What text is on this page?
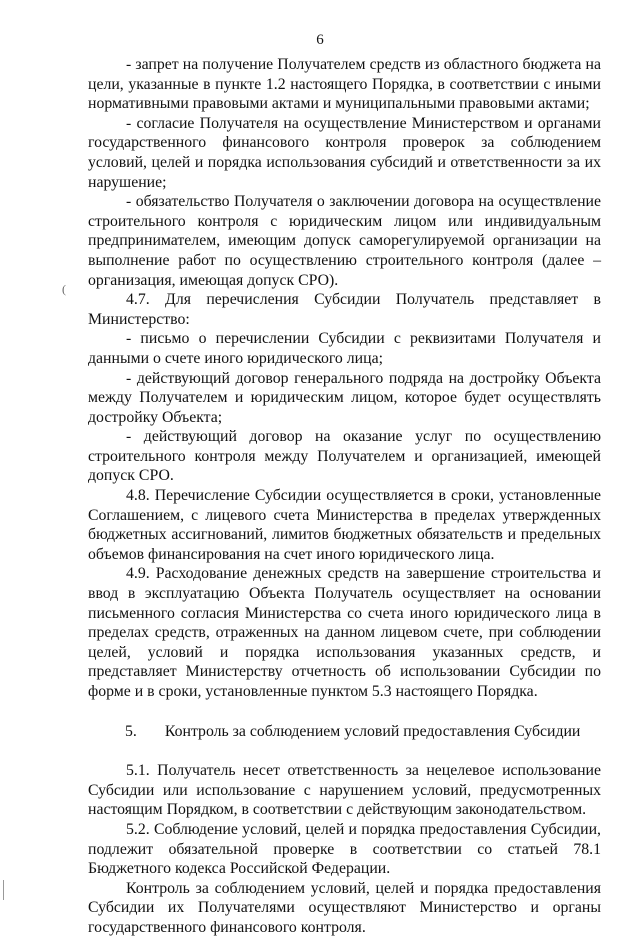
6
(

- запрет на получение Получателем средств из областного бюджета на цели, указанные в пункте 1.2 настоящего Порядка, в соответствии с иными нормативными правовыми актами и муниципальными правовыми актами;

- согласие Получателя на осуществление Министерством и органами государственного финансового контроля проверок за соблюдением условий, целей и порядка использования субсидий и ответственности за их нарушение;

- обязательство Получателя о заключении договора на осуществление строительного контроля с юридическим лицом или индивидуальным предпринимателем, имеющим допуск саморегулируемой организации на выполнение работ по осуществлению строительного контроля (далее – организация, имеющая допуск СРО).

4.7. Для перечисления Субсидии Получатель представляет в Министерство:

- письмо о перечислении Субсидии с реквизитами Получателя и данными о счете иного юридического лица;

- действующий договор генерального подряда на достройку Объекта между Получателем и юридическим лицом, которое будет осуществлять достройку Объекта;

- действующий договор на оказание услуг по осуществлению строительного контроля между Получателем и организацией, имеющей допуск СРО.

4.8. Перечисление Субсидии осуществляется в сроки, установленные Соглашением, с лицевого счета Министерства в пределах утвержденных бюджетных ассигнований, лимитов бюджетных обязательств и предельных объемов финансирования на счет иного юридического лица.

4.9. Расходование денежных средств на завершение строительства и ввод в эксплуатацию Объекта Получатель осуществляет на основании письменного согласия Министерства со счета иного юридического лица в пределах средств, отраженных на данном лицевом счете, при соблюдении целей, условий и порядка использования указанных средств, и представляет Министерству отчетность об использовании Субсидии по форме и в сроки, установленные пунктом 5.3 настоящего Порядка.

5. Контроль за соблюдением условий предоставления Субсидии

5.1. Получатель несет ответственность за нецелевое использование Субсидии или использование с нарушением условий, предусмотренных настоящим Порядком, в соответствии с действующим законодательством.

5.2. Соблюдение условий, целей и порядка предоставления Субсидии, подлежит обязательной проверке в соответствии со статьей 78.1 Бюджетного кодекса Российской Федерации.

Контроль за соблюдением условий, целей и порядка предоставления Субсидии их Получателями осуществляют Министерство и органы государственного финансового контроля.
